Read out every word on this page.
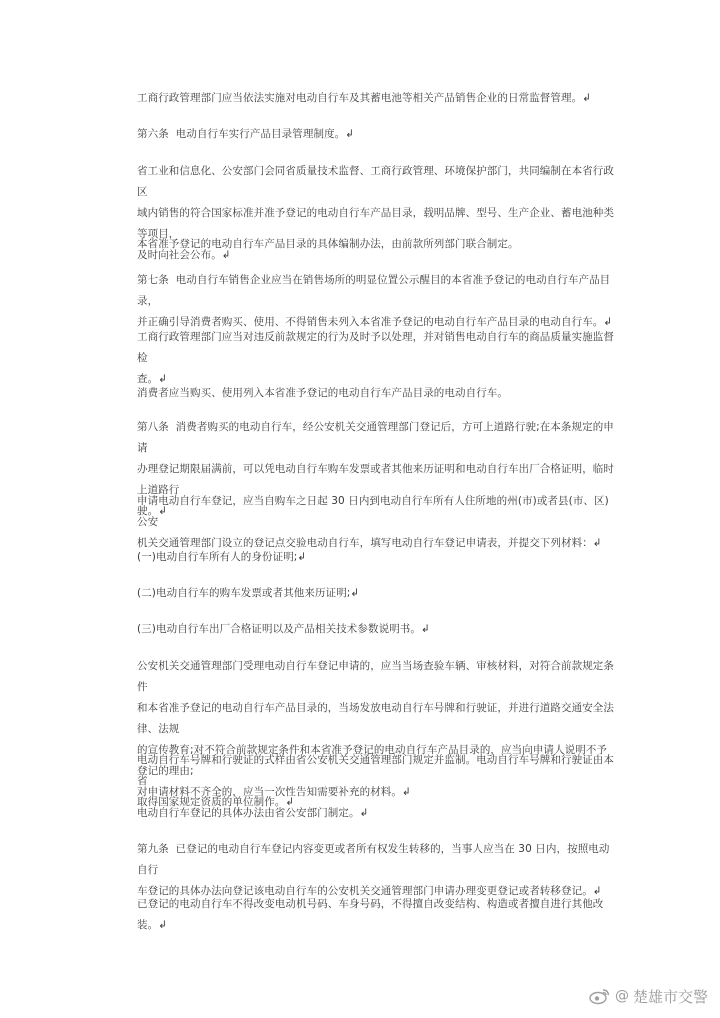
工商行政管理部门应当依法实施对电动自行车及其蓄电池等相关产品销售企业的日常监督管理。↲

第六条  电动自行车实行产品目录管理制度。↲

省工业和信息化、公安部门会同省质量技术监督、工商行政管理、环境保护部门，共同编制在本省行政区
域内销售的符合国家标准并准予登记的电动自行车产品目录，载明品牌、型号、生产企业、蓄电池种类等项目，
及时向社会公布。↲

本省准予登记的电动自行车产品目录的具体编制办法，由前款所列部门联合制定。

第七条  电动自行车销售企业应当在销售场所的明显位置公示醒目的本省准予登记的电动自行车产品目录，
并正确引导消费者购买、使用、不得销售未列入本省准予登记的电动自行车产品目录的电动自行车。↲

工商行政管理部门应当对违反前款规定的行为及时予以处理，并对销售电动自行车的商品质量实施监督检
查。↲

消费者应当购买、使用列入本省准予登记的电动自行车产品目录的电动自行车。

第八条  消费者购买的电动自行车，经公安机关交通管理部门登记后，方可上道路行驶;在本条规定的申请
办理登记期限届满前，可以凭电动自行车购车发票或者其他来历证明和电动自行车出厂合格证明，临时上道路行
驶。↲

申请电动自行车登记，应当自购车之日起 30 日内到电动自行车所有人住所地的州(市)或者县(市、区)公安
机关交通管理部门设立的登记点交验电动自行车，填写电动自行车登记申请表，并提交下列材料：↲

(一)电动自行车所有人的身份证明;↲

(二)电动自行车的购车发票或者其他来历证明;↲

(三)电动自行车出厂合格证明以及产品相关技术参数说明书。↲

公安机关交通管理部门受理电动自行车登记申请的，应当当场查验车辆、审核材料，对符合前款规定条件
和本省准予登记的电动自行车产品目录的，当场发放电动自行车号牌和行驶证，并进行道路交通安全法律、法规
的宣传教育;对不符合前款规定条件和本省准予登记的电动自行车产品目录的，应当向申请人说明不予登记的理由;
对申请材料不齐全的，应当一次性告知需要补充的材料。↲

电动自行车号牌和行驶证的式样由省公安机关交通管理部门规定并监制。电动自行车号牌和行驶证由本省
取得国家规定资质的单位制作。↲

电动自行车登记的具体办法由省公安部门制定。↲

第九条  已登记的电动自行车登记内容变更或者所有权发生转移的，当事人应当在 30 日内，按照电动自行
车登记的具体办法向登记该电动自行车的公安机关交通管理部门申请办理变更登记或者转移登记。↲

已登记的电动自行车不得改变电动机号码、车身号码，不得擅自改变结构、构造或者擅自进行其他改装。↲

@ 楚雄市交警
